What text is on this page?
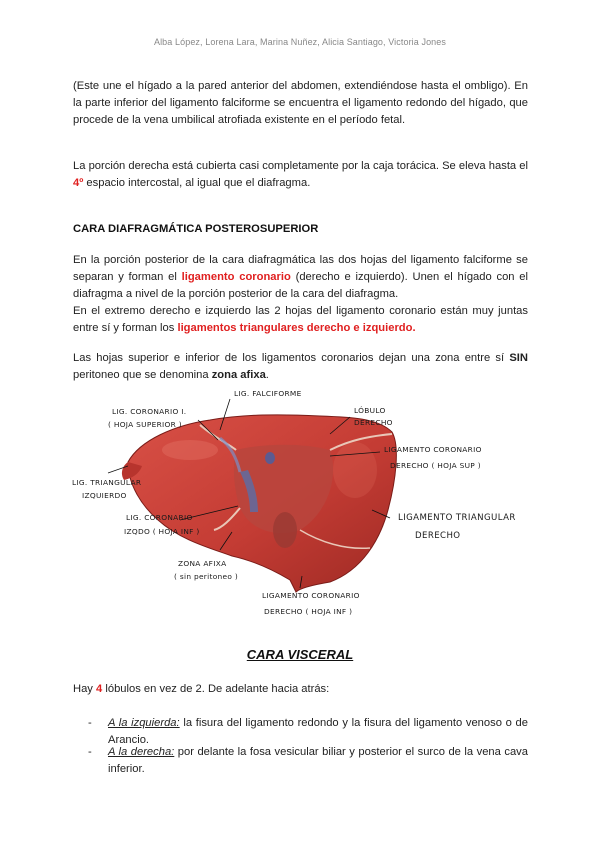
Alba López, Lorena Lara, Marina Nuñez, Alicia Santiago, Victoria Jones
(Este une el hígado a la pared anterior del abdomen, extendiéndose hasta el ombligo). En la parte inferior del ligamento falciforme se encuentra el ligamento redondo del hígado, que procede de la vena umbilical atrofiada existente en el período fetal.
La porción derecha está cubierta casi completamente por la caja torácica. Se eleva hasta el 4º espacio intercostal, al igual que el diafragma.
CARA DIAFRAGMÁTICA POSTEROSUPERIOR
En la porción posterior de la cara diafragmática las dos hojas del ligamento falciforme se separan y forman el ligamento coronario (derecho e izquierdo). Unen el hígado con el diafragma a nivel de la porción posterior de la cara del diafragma.
En el extremo derecho e izquierdo las 2 hojas del ligamento coronario están muy juntas entre sí y forman los ligamentos triangulares derecho e izquierdo.
Las hojas superior e inferior de los ligamentos coronarios dejan una zona entre sí SIN peritoneo que se denomina zona afixa.
LIG. FALCIFORME
LIG. CORONARIO I.
( HOJA SUPERIOR )
LÓBULO
DERECHO
LIGAMENTO CORONARIO
DERECHO ( HOJA SUP )
LIG. TRIANGULAR
IZQUIERDO
LIGAMENTO TRIANGULAR
DERECHO
LIG. CORONARIO
IZQDO ( HOJA INF )
ZONA AFIXA
( sin peritoneo )
LIGAMENTO CORONARIO
DERECHO ( HOJA INF )
CARA VISCERAL
Hay 4 lóbulos en vez de 2. De adelante hacia atrás:
-	A la izquierda: la fisura del ligamento redondo y la fisura del ligamento venoso o de Arancio.
-	A la derecha: por delante la fosa vesicular biliar y posterior el surco de la vena cava inferior.
